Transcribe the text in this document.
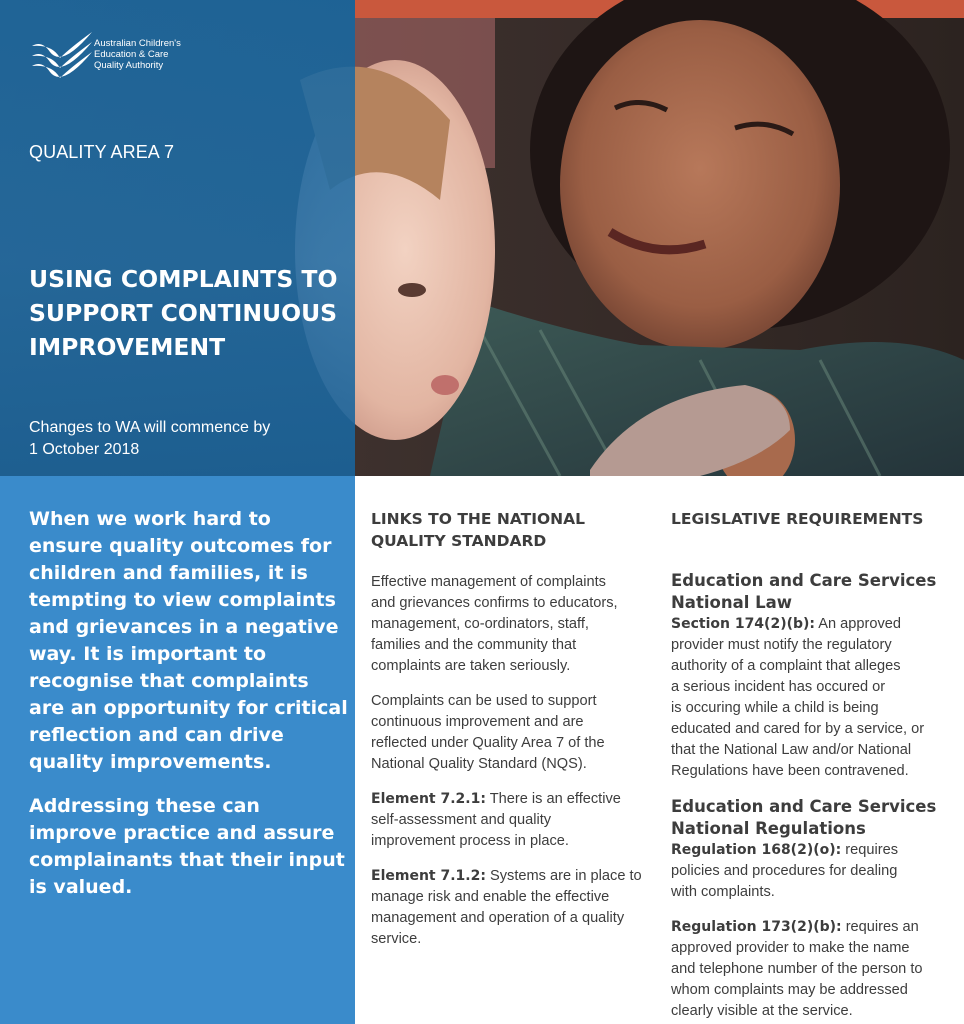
Australian Children's
Education & Care
Quality Authority
QUALITY AREA 7
USING COMPLAINTS TO
SUPPORT CONTINUOUS
IMPROVEMENT
Changes to WA will commence by
1 October 2018

When we work hard to
ensure quality outcomes for
children and families, it is
tempting to view complaints
and grievances in a negative
way. It is important to
recognise that complaints
are an opportunity for critical
reflection and can drive
quality improvements.

Addressing these can
improve practice and assure
complainants that their input
is valued.

LINKS TO THE NATIONAL
QUALITY STANDARD

Effective management of complaints
and grievances confirms to educators,
management, co-ordinators, staff,
families and the community that
complaints are taken seriously.

Complaints can be used to support
continuous improvement and are
reflected under Quality Area 7 of the
National Quality Standard (NQS).

Element 7.2.1: There is an effective
self-assessment and quality
improvement process in place.

Element 7.1.2: Systems are in place to
manage risk and enable the effective
management and operation of a quality
service.

LEGISLATIVE REQUIREMENTS
Education and Care Services
National Law

Section 174(2)(b): An approved
provider must notify the regulatory
authority of a complaint that alleges
a serious incident has occured or
is occuring while a child is being
educated and cared for by a service, or
that the National Law and/or National
Regulations have been contravened.

Education and Care Services
National Regulations

Regulation 168(2)(o): requires
policies and procedures for dealing
with complaints.

Regulation 173(2)(b): requires an
approved provider to make the name
and telephone number of the person to
whom complaints may be addressed
clearly visible at the service.
